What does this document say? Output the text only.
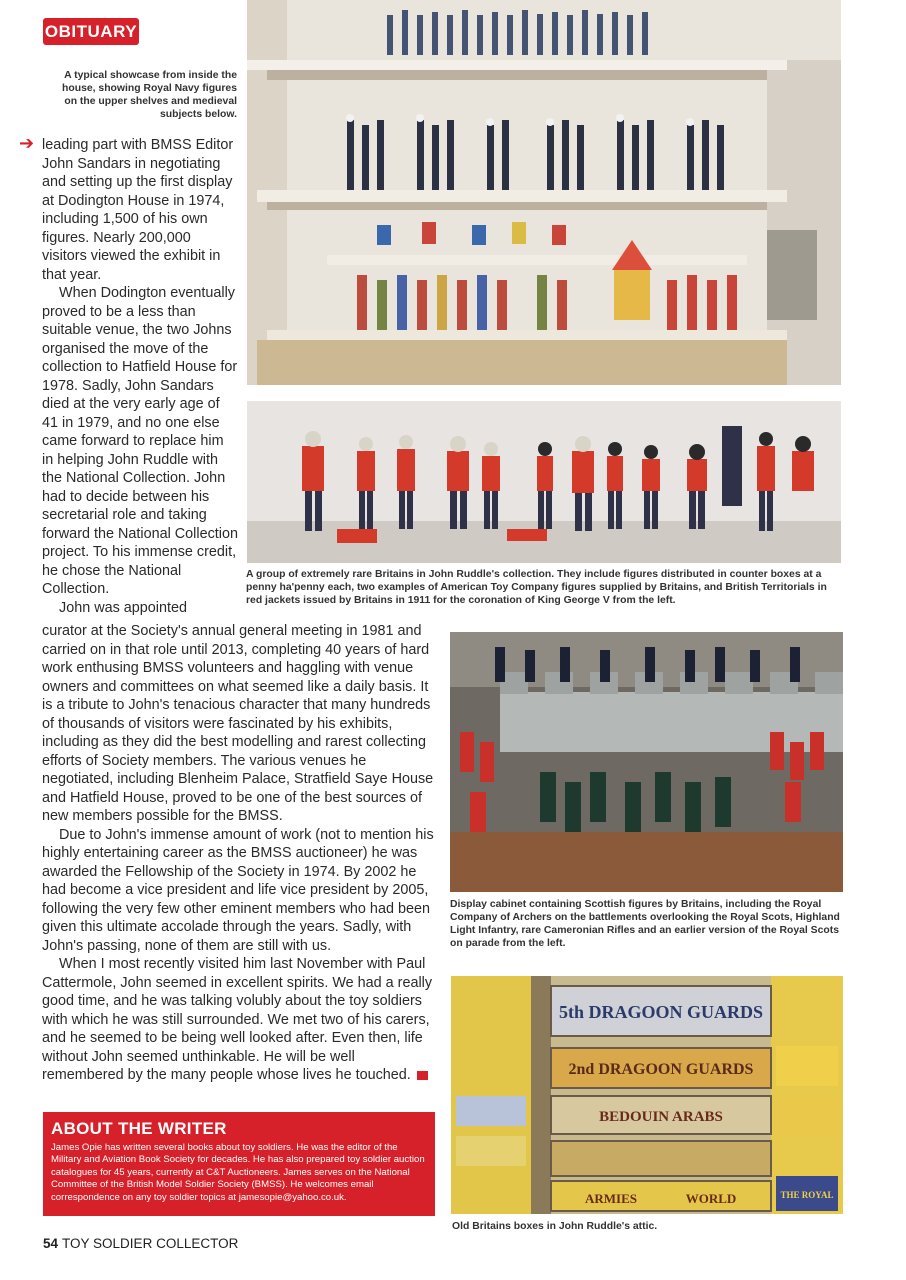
OBITUARY
A typical showcase from inside the house, showing Royal Navy figures on the upper shelves and medieval subjects below.
➔ leading part with BMSS Editor John Sandars in negotiating and setting up the first display at Dodington House in 1974, including 1,500 of his own figures. Nearly 200,000 visitors viewed the exhibit in that year.

When Dodington eventually proved to be a less than suitable venue, the two Johns organised the move of the collection to Hatfield House for 1978. Sadly, John Sandars died at the very early age of 41 in 1979, and no one else came forward to replace him in helping John Ruddle with the National Collection. John had to decide between his secretarial role and taking forward the National Collection project. To his immense credit, he chose the National Collection.

John was appointed

A group of extremely rare Britains in John Ruddle's collection. They include figures distributed in counter boxes at a penny ha'penny each, two examples of American Toy Company figures supplied by Britains, and British Territorials in red jackets issued by Britains in 1911 for the coronation of King George V from the left.

curator at the Society's annual general meeting in 1981 and carried on in that role until 2013, completing 40 years of hard work enthusing BMSS volunteers and haggling with venue owners and committees on what seemed like a daily basis. It is a tribute to John's tenacious character that many hundreds of thousands of visitors were fascinated by his exhibits, including as they did the best modelling and rarest collecting efforts of Society members. The various venues he negotiated, including Blenheim Palace, Stratfield Saye House and Hatfield House, proved to be one of the best sources of new members possible for the BMSS.

Due to John's immense amount of work (not to mention his highly entertaining career as the BMSS auctioneer) he was awarded the Fellowship of the Society in 1974. By 2002 he had become a vice president and life vice president by 2005, following the very few other eminent members who had been given this ultimate accolade through the years. Sadly, with John's passing, none of them are still with us.

When I most recently visited him last November with Paul Cattermole, John seemed in excellent spirits. We had a really good time, and he was talking volubly about the toy soldiers with which he was still surrounded. We met two of his carers, and he seemed to be being well looked after. Even then, life without John seemed unthinkable. He will be well remembered by the many people whose lives he touched.	END

Display cabinet containing Scottish figures by Britains, including the Royal Company of Archers on the battlements overlooking the Royal Scots, Highland Light Infantry, rare Cameronian Rifles and an earlier version of the Royal Scots on parade from the left.
5th DRAGOON GUARDS
2nd DRAGOON GUARDS
BEDOUIN ARABS
ARMIES	WORLD	THE ROYAL
Old Britains boxes in John Ruddle's attic.
ABOUT THE WRITER

James Opie has written several books about toy soldiers. He was the editor of the Military and Aviation Book Society for decades. He has also prepared toy soldier auction catalogues for 45 years, currently at C&T Auctioneers. James serves on the National Committee of the British Model Soldier Society (BMSS). He welcomes email correspondence on any toy soldier topics at jamesopie@yahoo.co.uk.

54 TOY SOLDIER COLLECTOR
